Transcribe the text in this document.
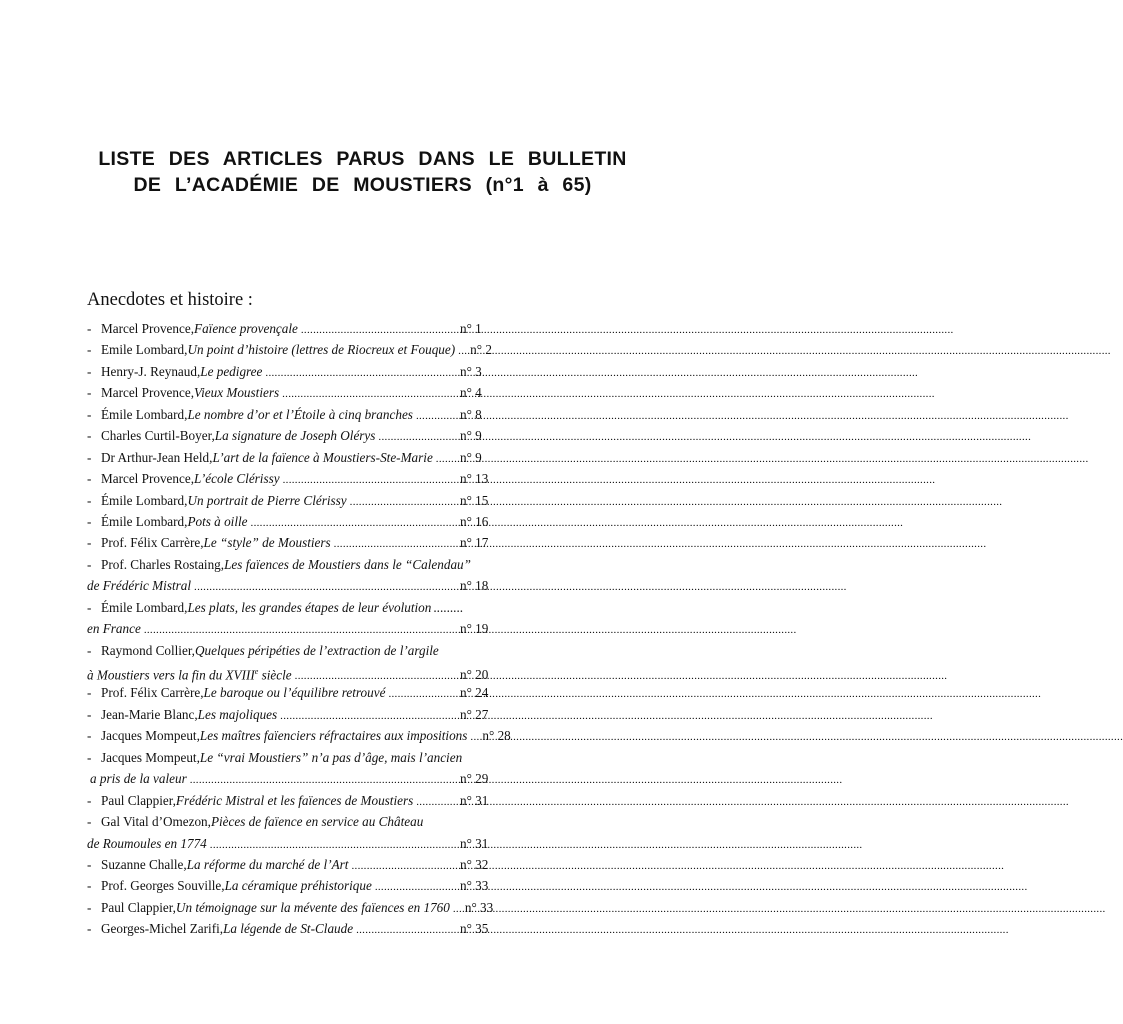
LISTE DES ARTICLES PARUS DANS LE BULLETIN
DE L’ACADÉMIE DE MOUSTIERS (n°1 à 65)
Anecdotes et histoire :
- Marcel Provence, Faïence provençale .....	n° 1
- Emile Lombard, Un point d’histoire (lettres de Riocreux et Fouque) ..... n° 2
- Henry-J. Reynaud, Le pedigree .....	n° 3
- Marcel Provence, Vieux Moustiers .....	n° 4
- Émile Lombard, Le nombre d’or et l’Étoile à cinq branches .....	n° 8
- Charles Curtil-Boyer, La signature de Joseph Olérys .....	n° 9
- Dr Arthur-Jean Held, L’art de la faïence à Moustiers-Ste-Marie ..... n° 9
- Marcel Provence, L’école Clérissy .....	n° 13
- Émile Lombard, Un portrait de Pierre Clérissy .....	n° 15
- Émile Lombard, Pots à oille .....	n° 16
- Prof. Félix Carrère, Le “style” de Moustiers .....	n° 17
- Prof. Charles Rostaing, Les faïences de Moustiers dans le “Calendau”
de Frédéric Mistral .....	n° 18
- Émile Lombard, Les plats, les grandes étapes de leur évolution .........
en France .....	n° 19
- Raymond Collier, Quelques péripéties de l’extraction de l’argile
à Moustiers vers la fin du XVIIIe siècle .....	n° 20
- Prof. Félix Carrère, Le baroque ou l’équilibre retrouvé .....	n° 24
- Jean-Marie Blanc, Les majoliques .....	n° 27
- Jacques Mompeut, Les maîtres faïenciers réfractaires aux impositions ..... n° 28
- Jacques Mompeut, Le “vrai Moustiers” n’a pas d’âge, mais l’ancien
a pris de la valeur .....	n° 29
- Paul Clappier, Frédéric Mistral et les faïences de Moustiers .....	n° 31
- Gal Vital d’Omezon, Pièces de faïence en service au Château
de Roumoules en 1774 .....	n° 31
- Suzanne Challe, La réforme du marché de l’Art .....	n° 32
- Prof. Georges Souville, La céramique préhistorique .....	n° 33
- Paul Clappier, Un témoignage sur la mévente des faïences en 1760 ..... n° 33
- Georges-Michel Zarifi, La légende de St-Claude .....	n° 35
